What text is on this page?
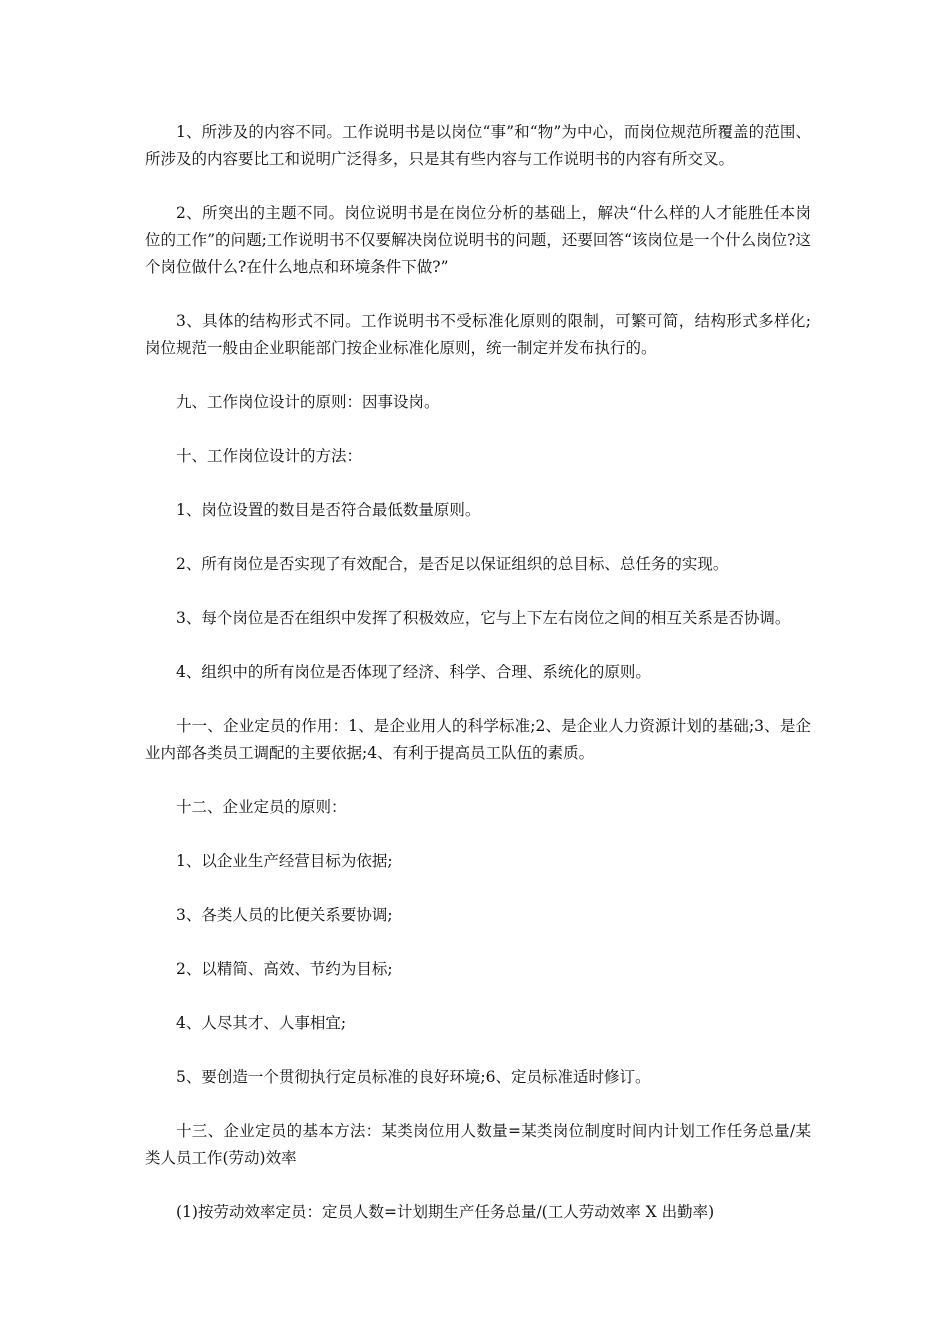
1、所涉及的内容不同。工作说明书是以岗位“事”和“物”为中心，而岗位规范所覆盖的范围、所涉及的内容要比工和说明广泛得多，只是其有些内容与工作说明书的内容有所交叉。

2、所突出的主题不同。岗位说明书是在岗位分析的基础上，解决“什么样的人才能胜任本岗位的工作”的问题;工作说明书不仅要解决岗位说明书的问题，还要回答“该岗位是一个什么岗位?这个岗位做什么?在什么地点和环境条件下做?”

3、具体的结构形式不同。工作说明书不受标准化原则的限制，可繁可简，结构形式多样化;岗位规范一般由企业职能部门按企业标准化原则，统一制定并发布执行的。

九、工作岗位设计的原则：因事设岗。

十、工作岗位设计的方法：

1、岗位设置的数目是否符合最低数量原则。

2、所有岗位是否实现了有效配合，是否足以保证组织的总目标、总任务的实现。

3、每个岗位是否在组织中发挥了积极效应，它与上下左右岗位之间的相互关系是否协调。

4、组织中的所有岗位是否体现了经济、科学、合理、系统化的原则。

十一、企业定员的作用：1、是企业用人的科学标准;2、是企业人力资源计划的基础;3、是企业内部各类员工调配的主要依据;4、有利于提高员工队伍的素质。

十二、企业定员的原则：

1、以企业生产经营目标为依据;

3、各类人员的比便关系要协调;

2、以精简、高效、节约为目标;

4、人尽其才、人事相宜;

5、要创造一个贯彻执行定员标准的良好环境;6、定员标准适时修订。

十三、企业定员的基本方法：某类岗位用人数量=某类岗位制度时间内计划工作任务总量/某类人员工作(劳动)效率

(1)按劳动效率定员：定员人数=计划期生产任务总量/(工人劳动效率 X 出勤率)
